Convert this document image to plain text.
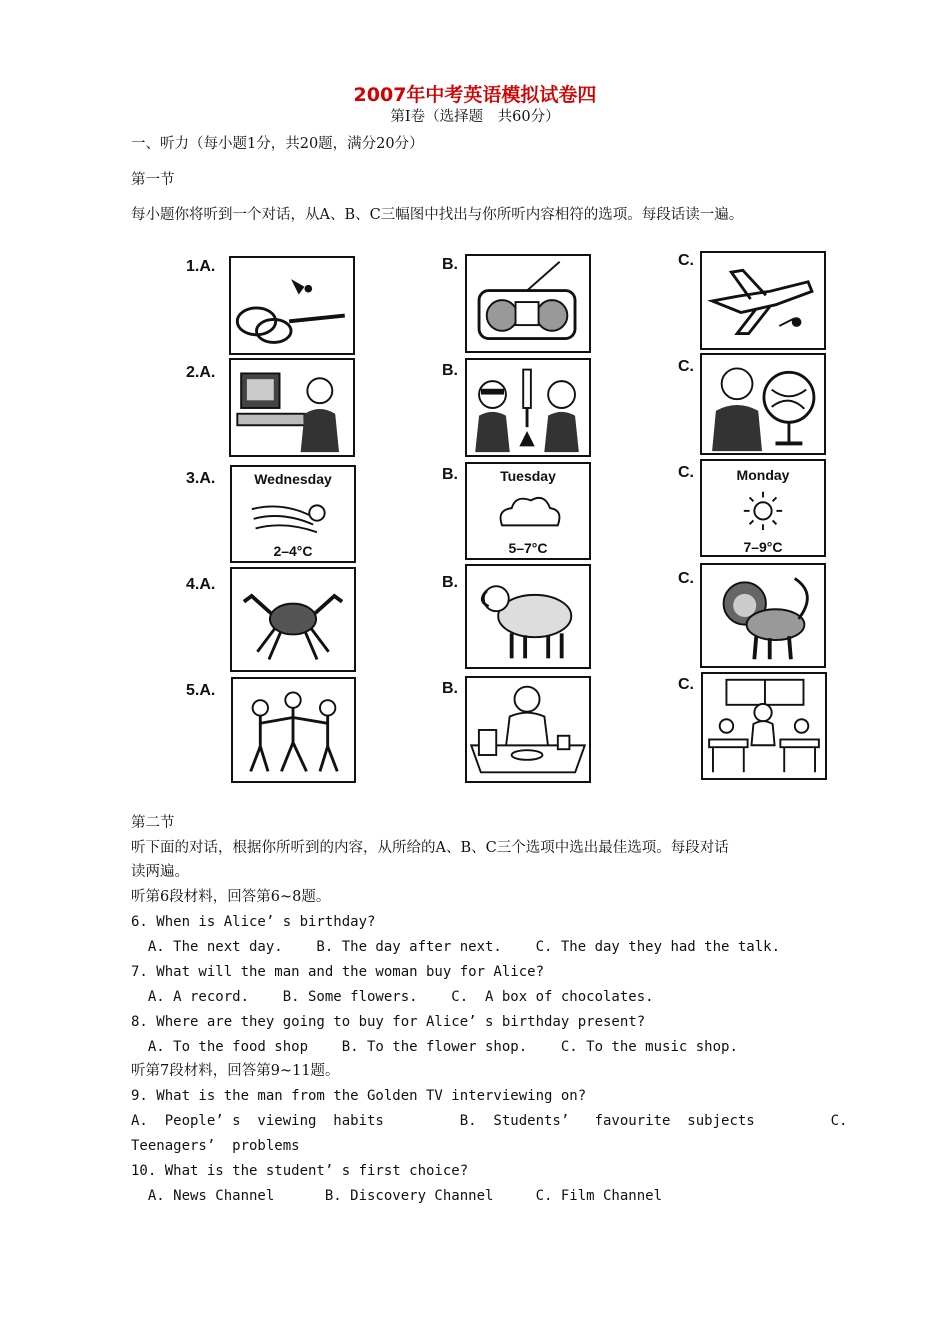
2007年中考英语模拟试卷四
第Ⅰ卷（选择题　共60分）
一、听力（每小题1分，共20题，满分20分）
第一节
每小题你将听到一个对话，从A、B、C三幅图中找出与你所听内容相符的选项。每段话读一遍。
1.A.
2.A.
3.A.
4.A.
5.A.
B.
B.
B.
B.
B.
C.
C.
C.
C.
C.
Wednesday
2–4°C
Tuesday
5–7°C
Monday
7–9°C
第二节
听下面的对话，根据你所听到的内容，从所给的A、B、C三个选项中选出最佳选项。每段对话
读两遍。
听第6段材料，回答第6~8题。
6. When is Alice’ s birthday?
A. The next day.    B. The day after next.    C. The day they had the talk.
7. What will the man and the woman buy for Alice?
A. A record.    B. Some flowers.    C.  A box of chocolates.
8. Where are they going to buy for Alice’ s birthday present?
A. To the food shop    B. To the flower shop.    C. To the music shop.
听第7段材料，回答第9~11题。
9. What is the man from the Golden TV interviewing on?
A.  People’ s  viewing  habits         B.  Students’   favourite  subjects         C.
Teenagers’  problems
10. What is the student’ s first choice?
A. News Channel      B. Discovery Channel     C. Film Channel
